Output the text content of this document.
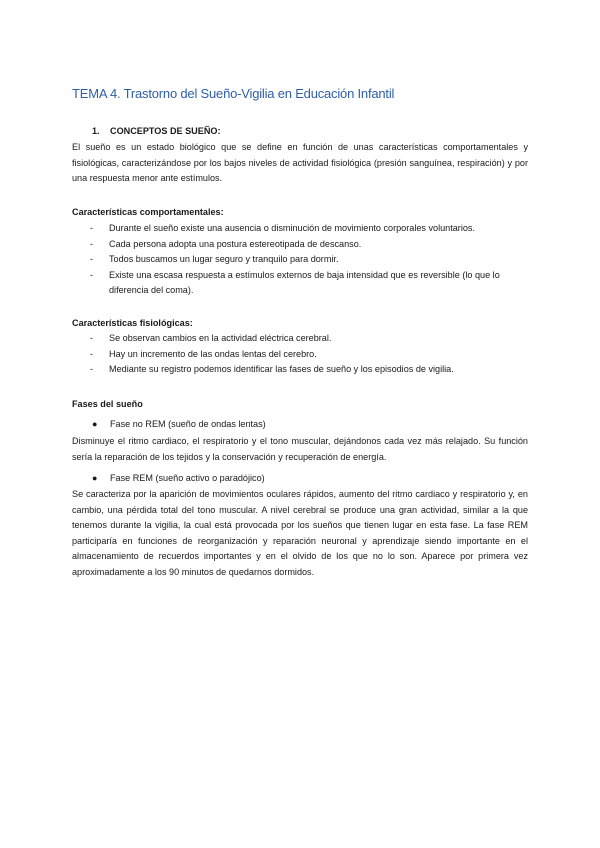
TEMA 4. Trastorno del Sueño-Vigilia en Educación Infantil

1. CONCEPTOS DE SUEÑO:

El sueño es un estado biológico que se define en función de unas características comportamentales y fisiológicas, caracterizándose por los bajos niveles de actividad fisiológica (presión sanguínea, respiración) y por una respuesta menor ante estímulos.

Características comportamentales:

- Durante el sueño existe una ausencia o disminución de movimiento corporales voluntarios.
- Cada persona adopta una postura estereotipada de descanso.
- Todos buscamos un lugar seguro y tranquilo para dormir.
- Existe una escasa respuesta a estímulos externos de baja intensidad que es reversible (lo que lo diferencia del coma).

Características fisiológicas:

- Se observan cambios en la actividad eléctrica cerebral.
- Hay un incremento de las ondas lentas del cerebro.
- Mediante su registro podemos identificar las fases de sueño y los episodios de vigilia.

Fases del sueño

● Fase no REM (sueño de ondas lentas)

Disminuye el ritmo cardiaco, el respiratorio y el tono muscular, dejándonos cada vez más relajado. Su función sería la reparación de los tejidos y la conservación y recuperación de energía.

● Fase REM (sueño activo o paradójico)

Se caracteriza por la aparición de movimientos oculares rápidos, aumento del ritmo cardiaco y respiratorio y, en cambio, una pérdida total del tono muscular. A nivel cerebral se produce una gran actividad, similar a la que tenemos durante la vigilia, la cual está provocada por los sueños que tienen lugar en esta fase. La fase REM participaría en funciones de reorganización y reparación neuronal y aprendizaje siendo importante en el almacenamiento de recuerdos importantes y en el olvido de los que no lo son. Aparece por primera vez aproximadamente a los 90 minutos de quedarnos dormidos.
